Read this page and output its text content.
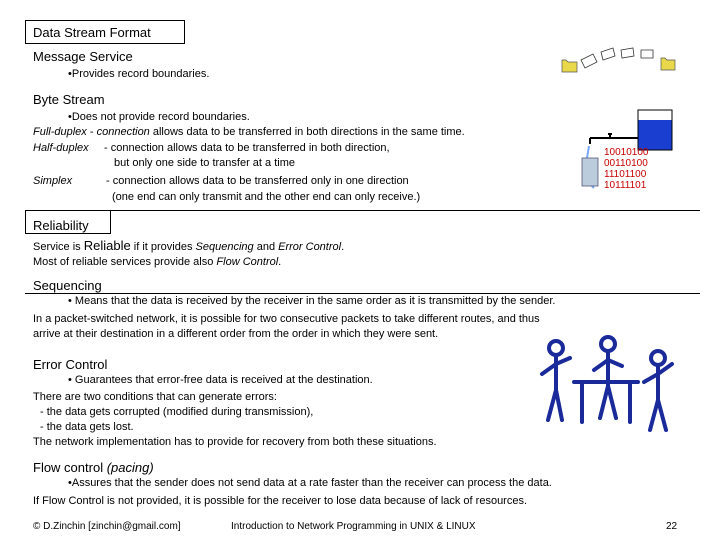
Data Stream Format
Message Service
•Provides record boundaries.
Byte Stream
•Does not provide record boundaries.
Full-duplex - connection allows data to be transferred in both directions in the same time.
Half-duplex - connection allows data to be transferred in both direction,
but only one side to transfer at a time
Simplex	- connection allows data to be transferred only in one direction
(one end can only transmit and the other end can only receive.)
10010100
00110100
11101100
10111101
Reliability
Service is Reliable if it provides Sequencing and Error Control.
Most of reliable services provide also Flow Control.
Sequencing
• Means that the data is received by the receiver in the same order as it is transmitted by the sender.
In a packet-switched network, it is possible for two consecutive packets to take different routes, and thus
arrive at their destination in a different order from the order in which they were sent.
Error Control
• Guarantees that error-free data is received at the destination.
There are two conditions that can generate errors:
- the data gets corrupted (modified during transmission),
- the data gets lost.
The network implementation has to provide for recovery from both these situations.
Flow control (pacing)
•Assures that the sender does not send data at a rate faster than the receiver can process the data.
If Flow Control is not provided, it is possible for the receiver to lose data because of lack of resources.
© D.Zinchin [zinchin@gmail.com]	Introduction to Network Programming in UNIX & LINUX	22
